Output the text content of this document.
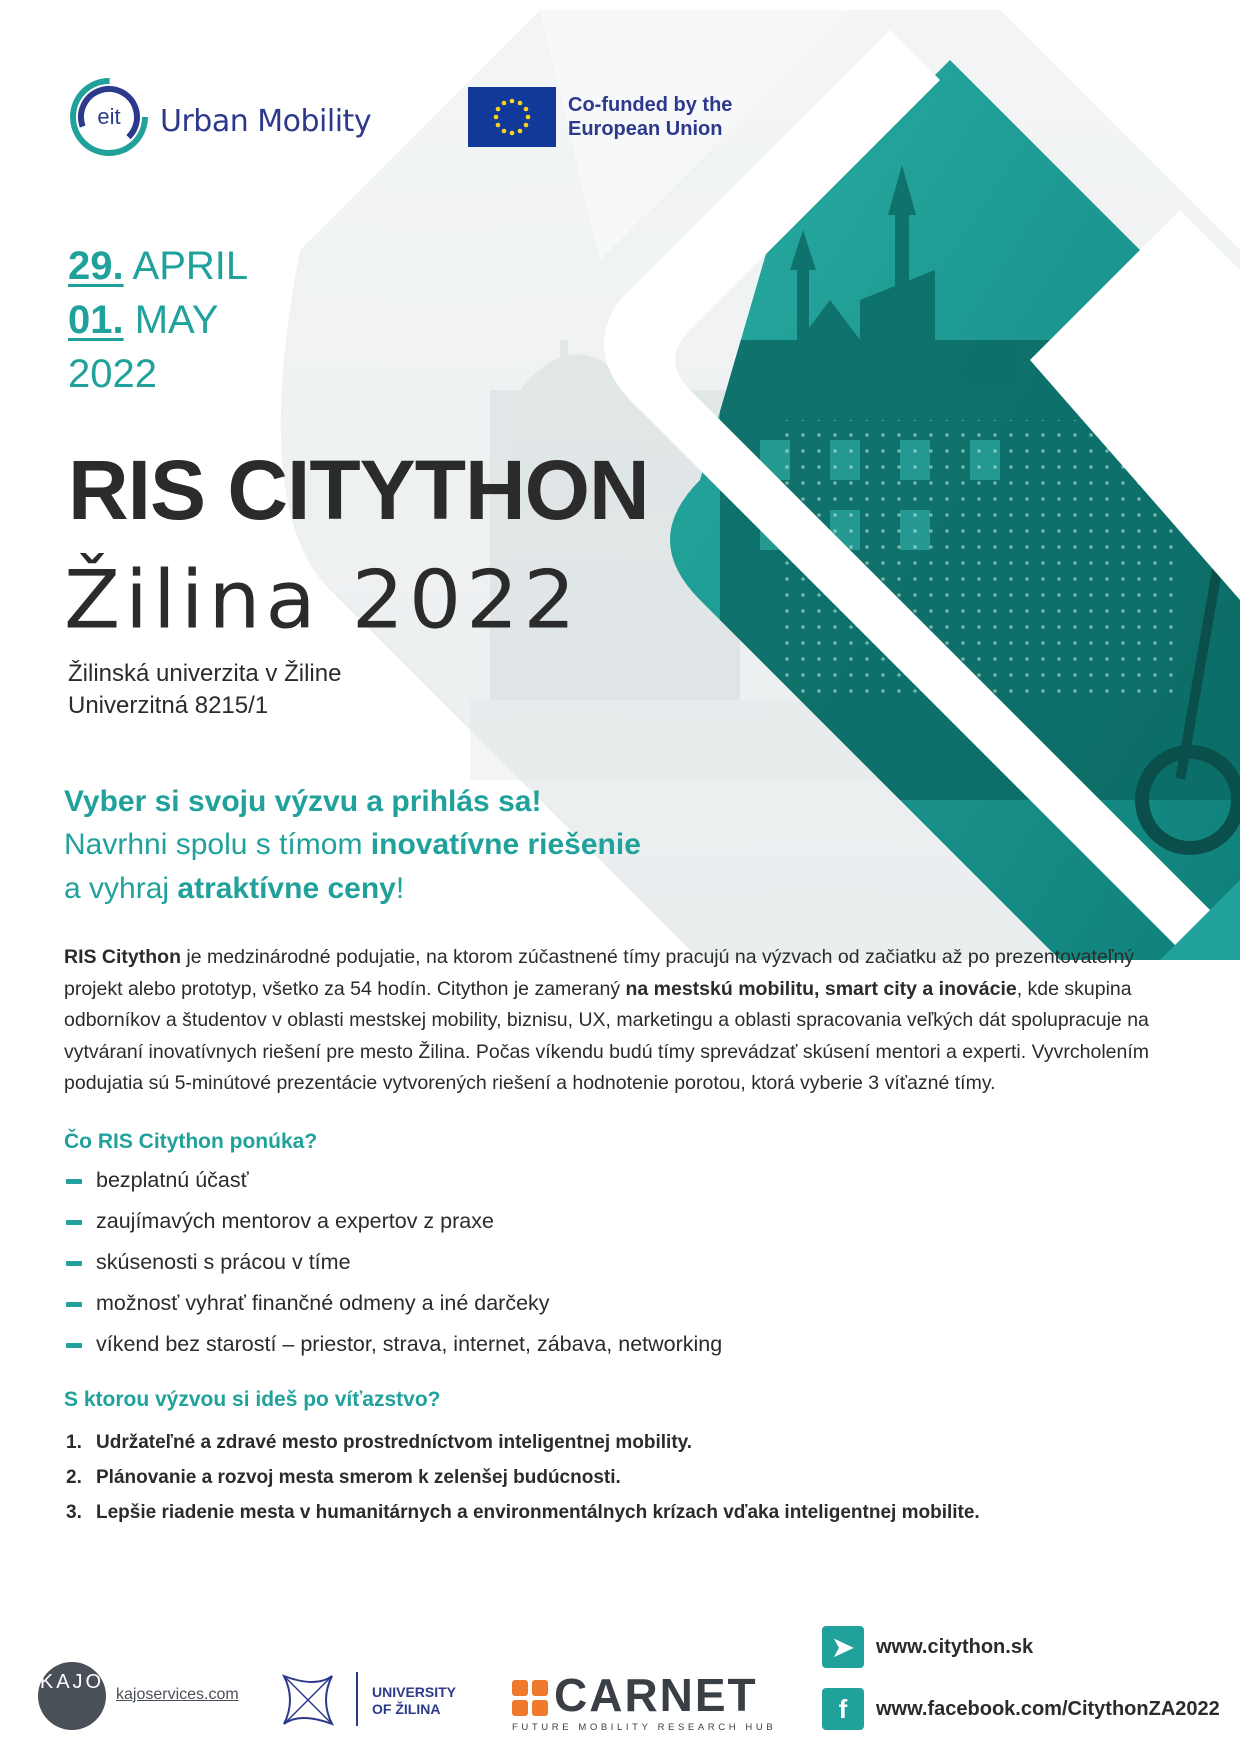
eit Urban Mobility	Co-funded by the
European Union
29. APRIL
01. MAY
2022
RIS CITYTHON
Žilina 2022
Žilinská univerzita v Žiline
Univerzitná 8215/1
Vyber si svoju výzvu a prihlás sa!
Navrhni spolu s tímom inovatívne riešenie
a vyhraj atraktívne ceny!
RIS Citython je medzinárodné podujatie, na ktorom zúčastnené tímy pracujú na výzvach od začiatku až po prezentovateľný projekt alebo prototyp, všetko za 54 hodín. Citython je zameraný na mestskú mobilitu, smart city a inovácie, kde skupina odborníkov a študentov v oblasti mestskej mobility, biznisu, UX, marketingu a oblasti spracovania veľkých dát spolupracuje na vytváraní inovatívnych riešení pre mesto Žilina. Počas víkendu budú tímy sprevádzať skúsení mentori a experti. Vyvrcholením podujatia sú 5-minútové prezentácie vytvorených riešení a hodnotenie porotou, ktorá vyberie 3 víťazné tímy.
Čo RIS Citython ponúka?
bezplatnú účasť
zaujímavých mentorov a expertov z praxe
skúsenosti s prácou v tíme
možnosť vyhrať finančné odmeny a iné darčeky
víkend bez starostí – priestor, strava, internet, zábava, networking
S ktorou výzvou si ideš po víťazstvo?
1. Udržateľné a zdravé mesto prostredníctvom inteligentnej mobility.
2. Plánovanie a rozvoj mesta smerom k zelenšej budúcnosti.
3. Lepšie riadenie mesta v humanitárnych a environmentálnych krízach vďaka inteligentnej mobilite.
KAJO
kajoservices.com	UNIVERSITY
OF ŽILINA	CARNET
FUTURE MOBILITY RESEARCH HUB
➤	www.citython.sk
f	www.facebook.com/CitythonZA2022
